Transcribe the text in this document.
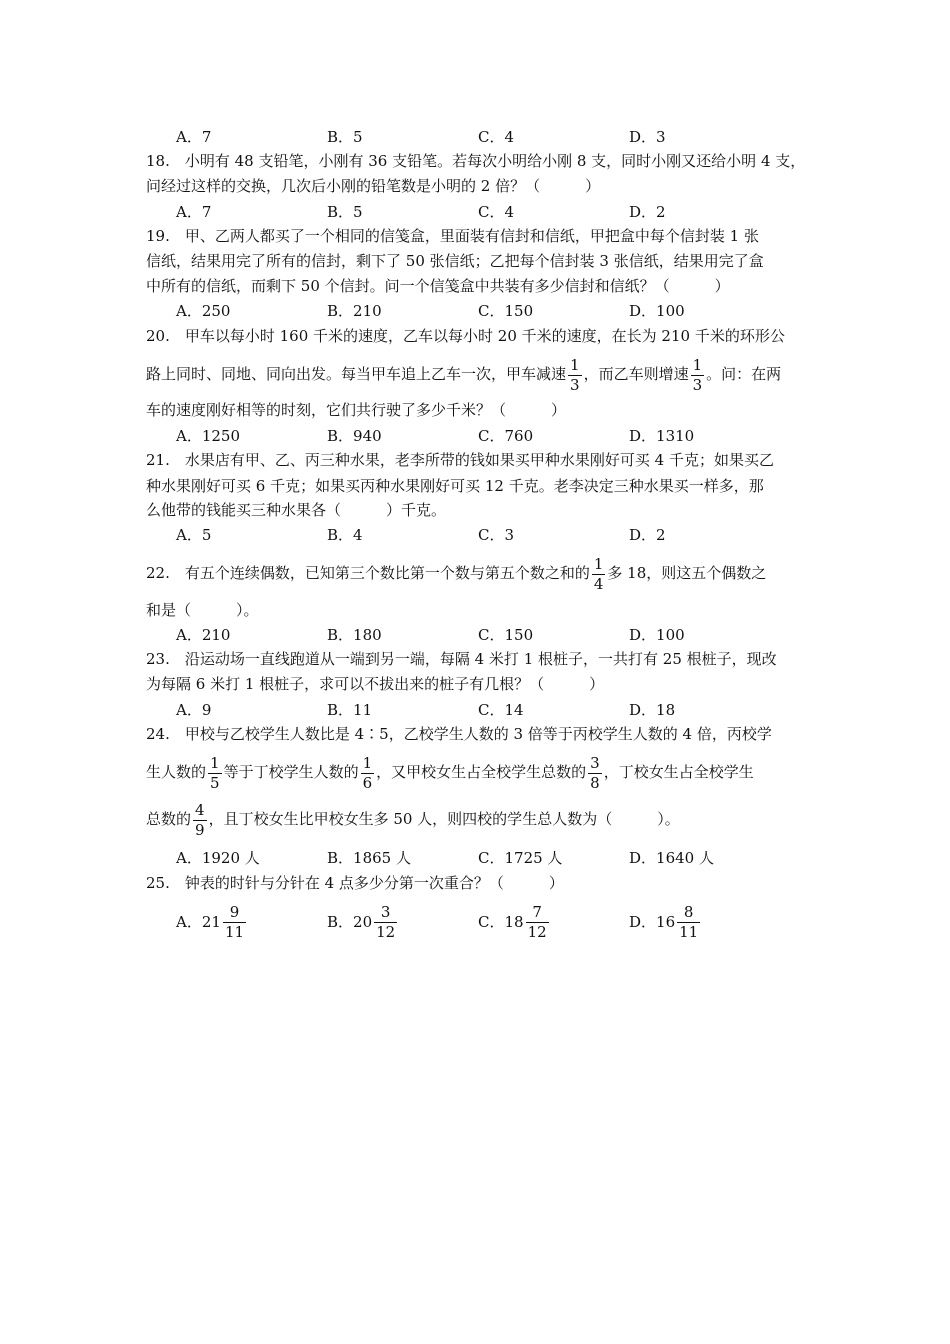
A．7	B．5	C．4	D．3
18.　小明有 48 支铅笔，小刚有 36 支铅笔。若每次小明给小刚 8 支，同时小刚又还给小明 4 支，
问经过这样的交换，几次后小刚的铅笔数是小明的 2 倍？（　　　）
A．7	B．5	C．4	D．2
19.　甲、乙两人都买了一个相同的信笺盒，里面装有信封和信纸，甲把盒中每个信封装 1 张
信纸，结果用完了所有的信封，剩下了 50 张信纸；乙把每个信封装 3 张信纸，结果用完了盒
中所有的信纸，而剩下 50 个信封。问一个信笺盒中共装有多少信封和信纸？（　　　）
A．250	B．210	C．150	D．100
20.　甲车以每小时 160 千米的速度，乙车以每小时 20 千米的速度，在长为 210 千米的环形公
路上同时、同地、同向出发。每当甲车追上乙车一次，甲车减速 $\frac{1}{3}$ ，而乙车则增速 $\frac{1}{3}$ 。问：在两
车的速度刚好相等的时刻，它们共行驶了多少千米？（　　　）
A．1250	B．940	C．760	D．1310
21.　水果店有甲、乙、丙三种水果，老李所带的钱如果买甲种水果刚好可买 4 千克；如果买乙
种水果刚好可买 6 千克；如果买丙种水果刚好可买 12 千克。老李决定三种水果买一样多，那
么他带的钱能买三种水果各（　　　）千克。
A．5	B．4	C．3	D．2
22.　有五个连续偶数，已知第三个数比第一个数与第五个数之和的 $\frac{1}{4}$ 多 18，则这五个偶数之
和是（　　　）。
A．210	B．180	C．150	D．100
23.　沿运动场一直线跑道从一端到另一端，每隔 4 米打 1 根桩子，一共打有 25 根桩子，现改
为每隔 6 米打 1 根桩子，求可以不拔出来的桩子有几根？（　　　）
A．9	B．11	C．14	D．18
24.　甲校与乙校学生人数比是 4∶5，乙校学生人数的 3 倍等于丙校学生人数的 4 倍，丙校学
生人数的 $\frac{1}{5}$ 等于丁校学生人数的 $\frac{1}{6}$ ，又甲校女生占全校学生总数的 $\frac{3}{8}$ ，丁校女生占全校学生
总数的 $\frac{4}{9}$ ，且丁校女生比甲校女生多 50 人，则四校的学生总人数为（　　　）。
A．1920 人	B．1865 人	C．1725 人	D．1640 人
25.　钟表的时针与分针在 4 点多少分第一次重合？（　　　）
A． $21 \frac{9}{11}$	B． $20 \frac{3}{12}$	C． $18 \frac{7}{12}$	D． $16 \frac{8}{11}$
